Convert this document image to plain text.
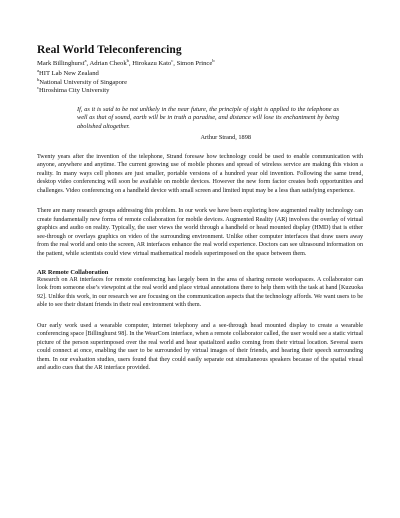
Real World Teleconferencing
Mark Billinghurst$^a$, Adrian Cheok$^b$, Hirokazu Kato$^c$, Simon Prince$^b$
$^a$HIT Lab New Zealand
$^b$National University of Singapore
$^c$Hiroshima City University

If, as it is said to be not unlikely in the near future, the principle of sight is applied to the telephone as well as that of sound, earth will be in truth a paradise, and distance will lose its enchantment by being abolished altogether.

Arthur Strand, 1898

Twenty years after the invention of the telephone, Strand foresaw how technology could be used to enable communication with anyone, anywhere and anytime. The current growing use of mobile phones and spread of wireless service are making this vision a reality. In many ways cell phones are just smaller, portable versions of a hundred year old invention. Following the same trend, desktop video conferencing will soon be available on mobile devices. However the new form factor creates both opportunities and challenges. Video conferencing on a handheld device with small screen and limited input may be a less than satisfying experience.

There are many research groups addressing this problem. In our work we have been exploring how augmented reality technology can create fundamentally new forms of remote collaboration for mobile devices. Augmented Reality (AR) involves the overlay of virtual graphics and audio on reality. Typically, the user views the world through a handheld or head mounted display (HMD) that is either see-through or overlays graphics on video of the surrounding environment. Unlike other computer interfaces that draw users away from the real world and onto the screen, AR interfaces enhance the real world experience. Doctors can see ultrasound information on the patient, while scientists could view virtual mathematical models superimposed on the space between them.

AR Remote Collaboration

Research on AR interfaces for remote conferencing has largely been in the area of sharing remote workspaces. A collaborator can look from someone else’s viewpoint at the real world and place virtual annotations there to help them with the task at hand [Kuzuoka 92]. Unlike this work, in our research we are focusing on the communication aspects that the technology affords. We want users to be able to see their distant friends in their real environment with them.

Our early work used a wearable computer, internet telephony and a see-through head mounted display to create a wearable conferencing space [Billinghurst 98]. In the WearCom interface, when a remote collaborator called, the user would see a static virtual picture of the person superimposed over the real world and hear spatialized audio coming from their virtual location. Several users could connect at once, enabling the user to be surrounded by virtual images of their friends, and hearing their speech surrounding them. In our evaluation studies, users found that they could easily separate out simultaneous speakers because of the spatial visual and audio cues that the AR interface provided.
